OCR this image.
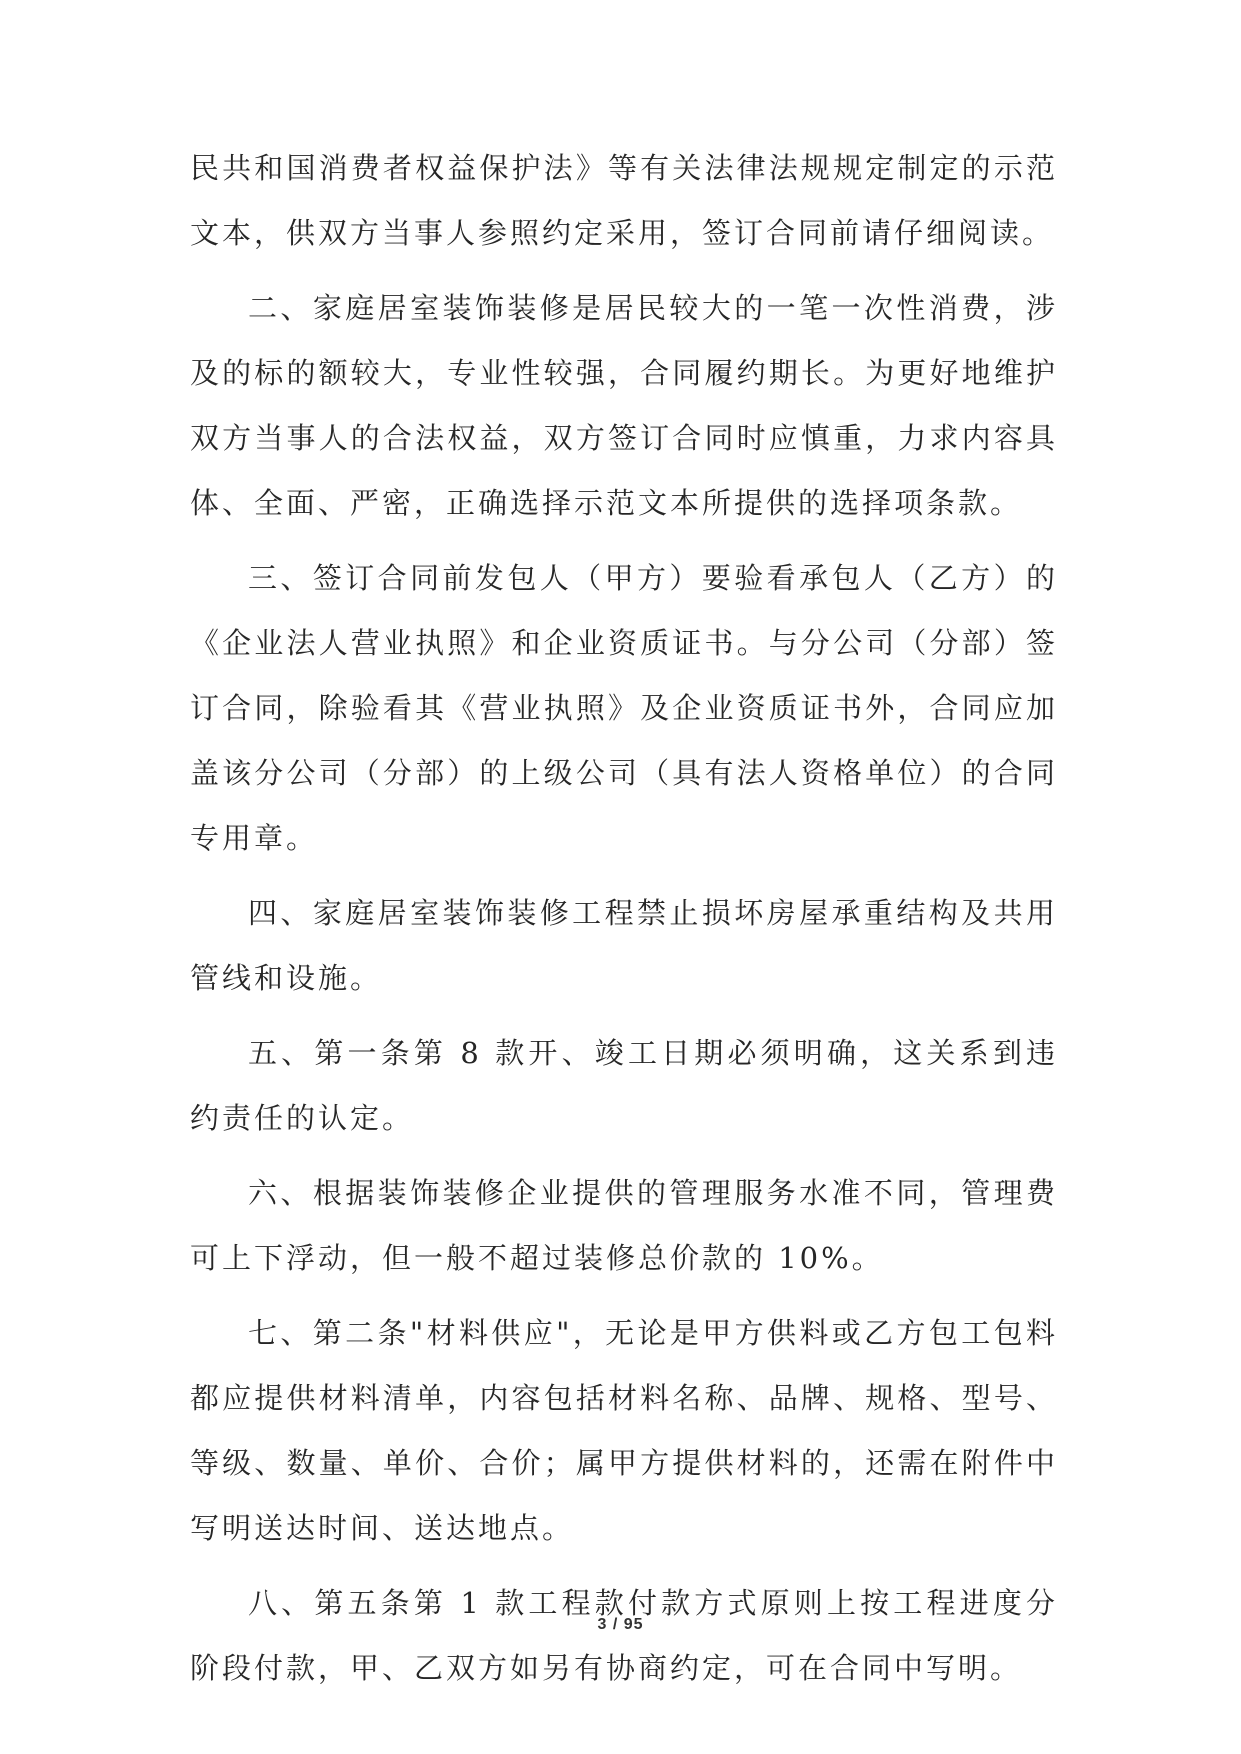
民共和国消费者权益保护法》等有关法律法规规定制定的示范文本，供双方当事人参照约定采用，签订合同前请仔细阅读。

二、家庭居室装饰装修是居民较大的一笔一次性消费，涉及的标的额较大，专业性较强，合同履约期长。为更好地维护双方当事人的合法权益，双方签订合同时应慎重，力求内容具体、全面、严密，正确选择示范文本所提供的选择项条款。

三、签订合同前发包人（甲方）要验看承包人（乙方）的《企业法人营业执照》和企业资质证书。与分公司（分部）签订合同，除验看其《营业执照》及企业资质证书外，合同应加盖该分公司（分部）的上级公司（具有法人资格单位）的合同专用章。

四、家庭居室装饰装修工程禁止损坏房屋承重结构及共用管线和设施。

五、第一条第 8 款开、竣工日期必须明确，这关系到违约责任的认定。

六、根据装饰装修企业提供的管理服务水准不同，管理费可上下浮动，但一般不超过装修总价款的 10%。

七、第二条"材料供应"，无论是甲方供料或乙方包工包料都应提供材料清单，内容包括材料名称、品牌、规格、型号、等级、数量、单价、合价；属甲方提供材料的，还需在附件中写明送达时间、送达地点。

八、第五条第 1 款工程款付款方式原则上按工程进度分阶段付款，甲、乙双方如另有协商约定，可在合同中写明。

3 / 95
